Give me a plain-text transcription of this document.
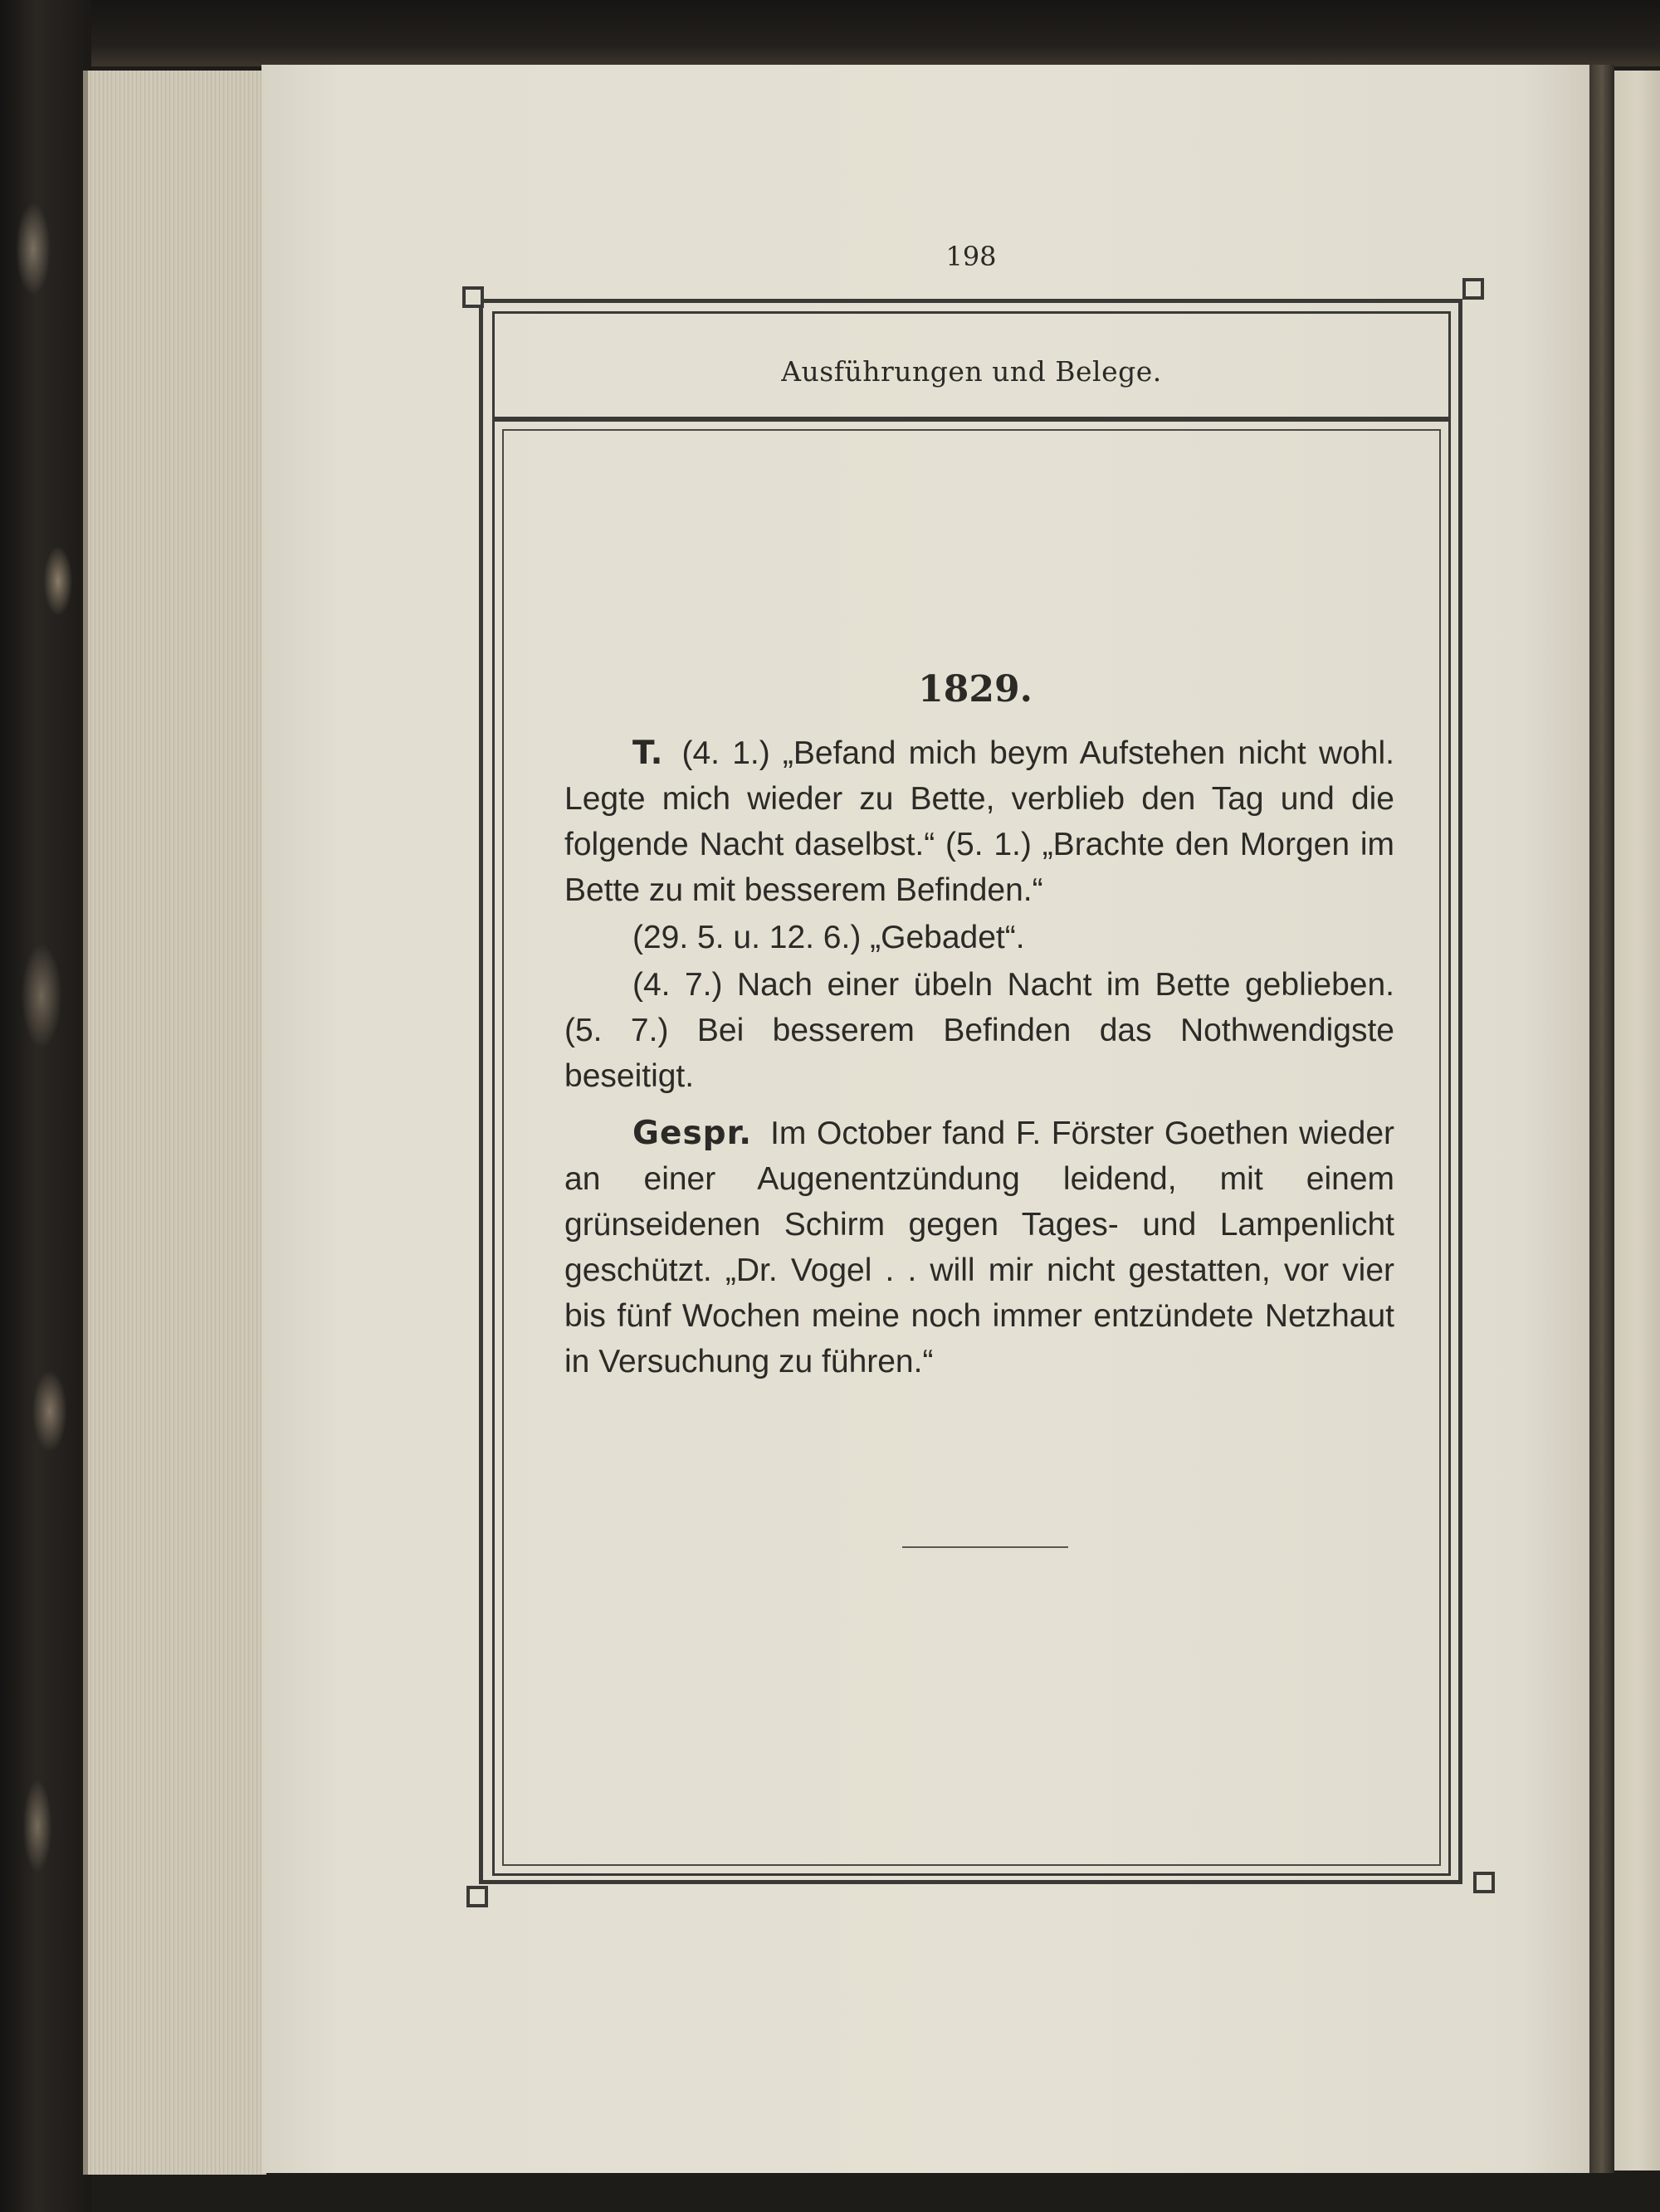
198
Ausführungen und Belege.
1829.

T. (4. 1.) „Befand mich beym Aufstehen nicht wohl. Legte mich wieder zu Bette, verblieb den Tag und die folgende Nacht daselbst.“ (5. 1.) „Brachte den Morgen im Bette zu mit besserem Befinden.“

(29. 5. u. 12. 6.) „Gebadet“.

(4. 7.) Nach einer übeln Nacht im Bette geblieben. (5. 7.) Bei besserem Befinden das Nothwendigste beseitigt.

Gespr. Im October fand F. Förster Goethen wieder an einer Augenentzündung leidend, mit einem grünseidenen Schirm gegen Tages- und Lampenlicht geschützt. „Dr. Vogel . . will mir nicht gestatten, vor vier bis fünf Wochen meine noch immer entzündete Netzhaut in Versuchung zu führen.“
